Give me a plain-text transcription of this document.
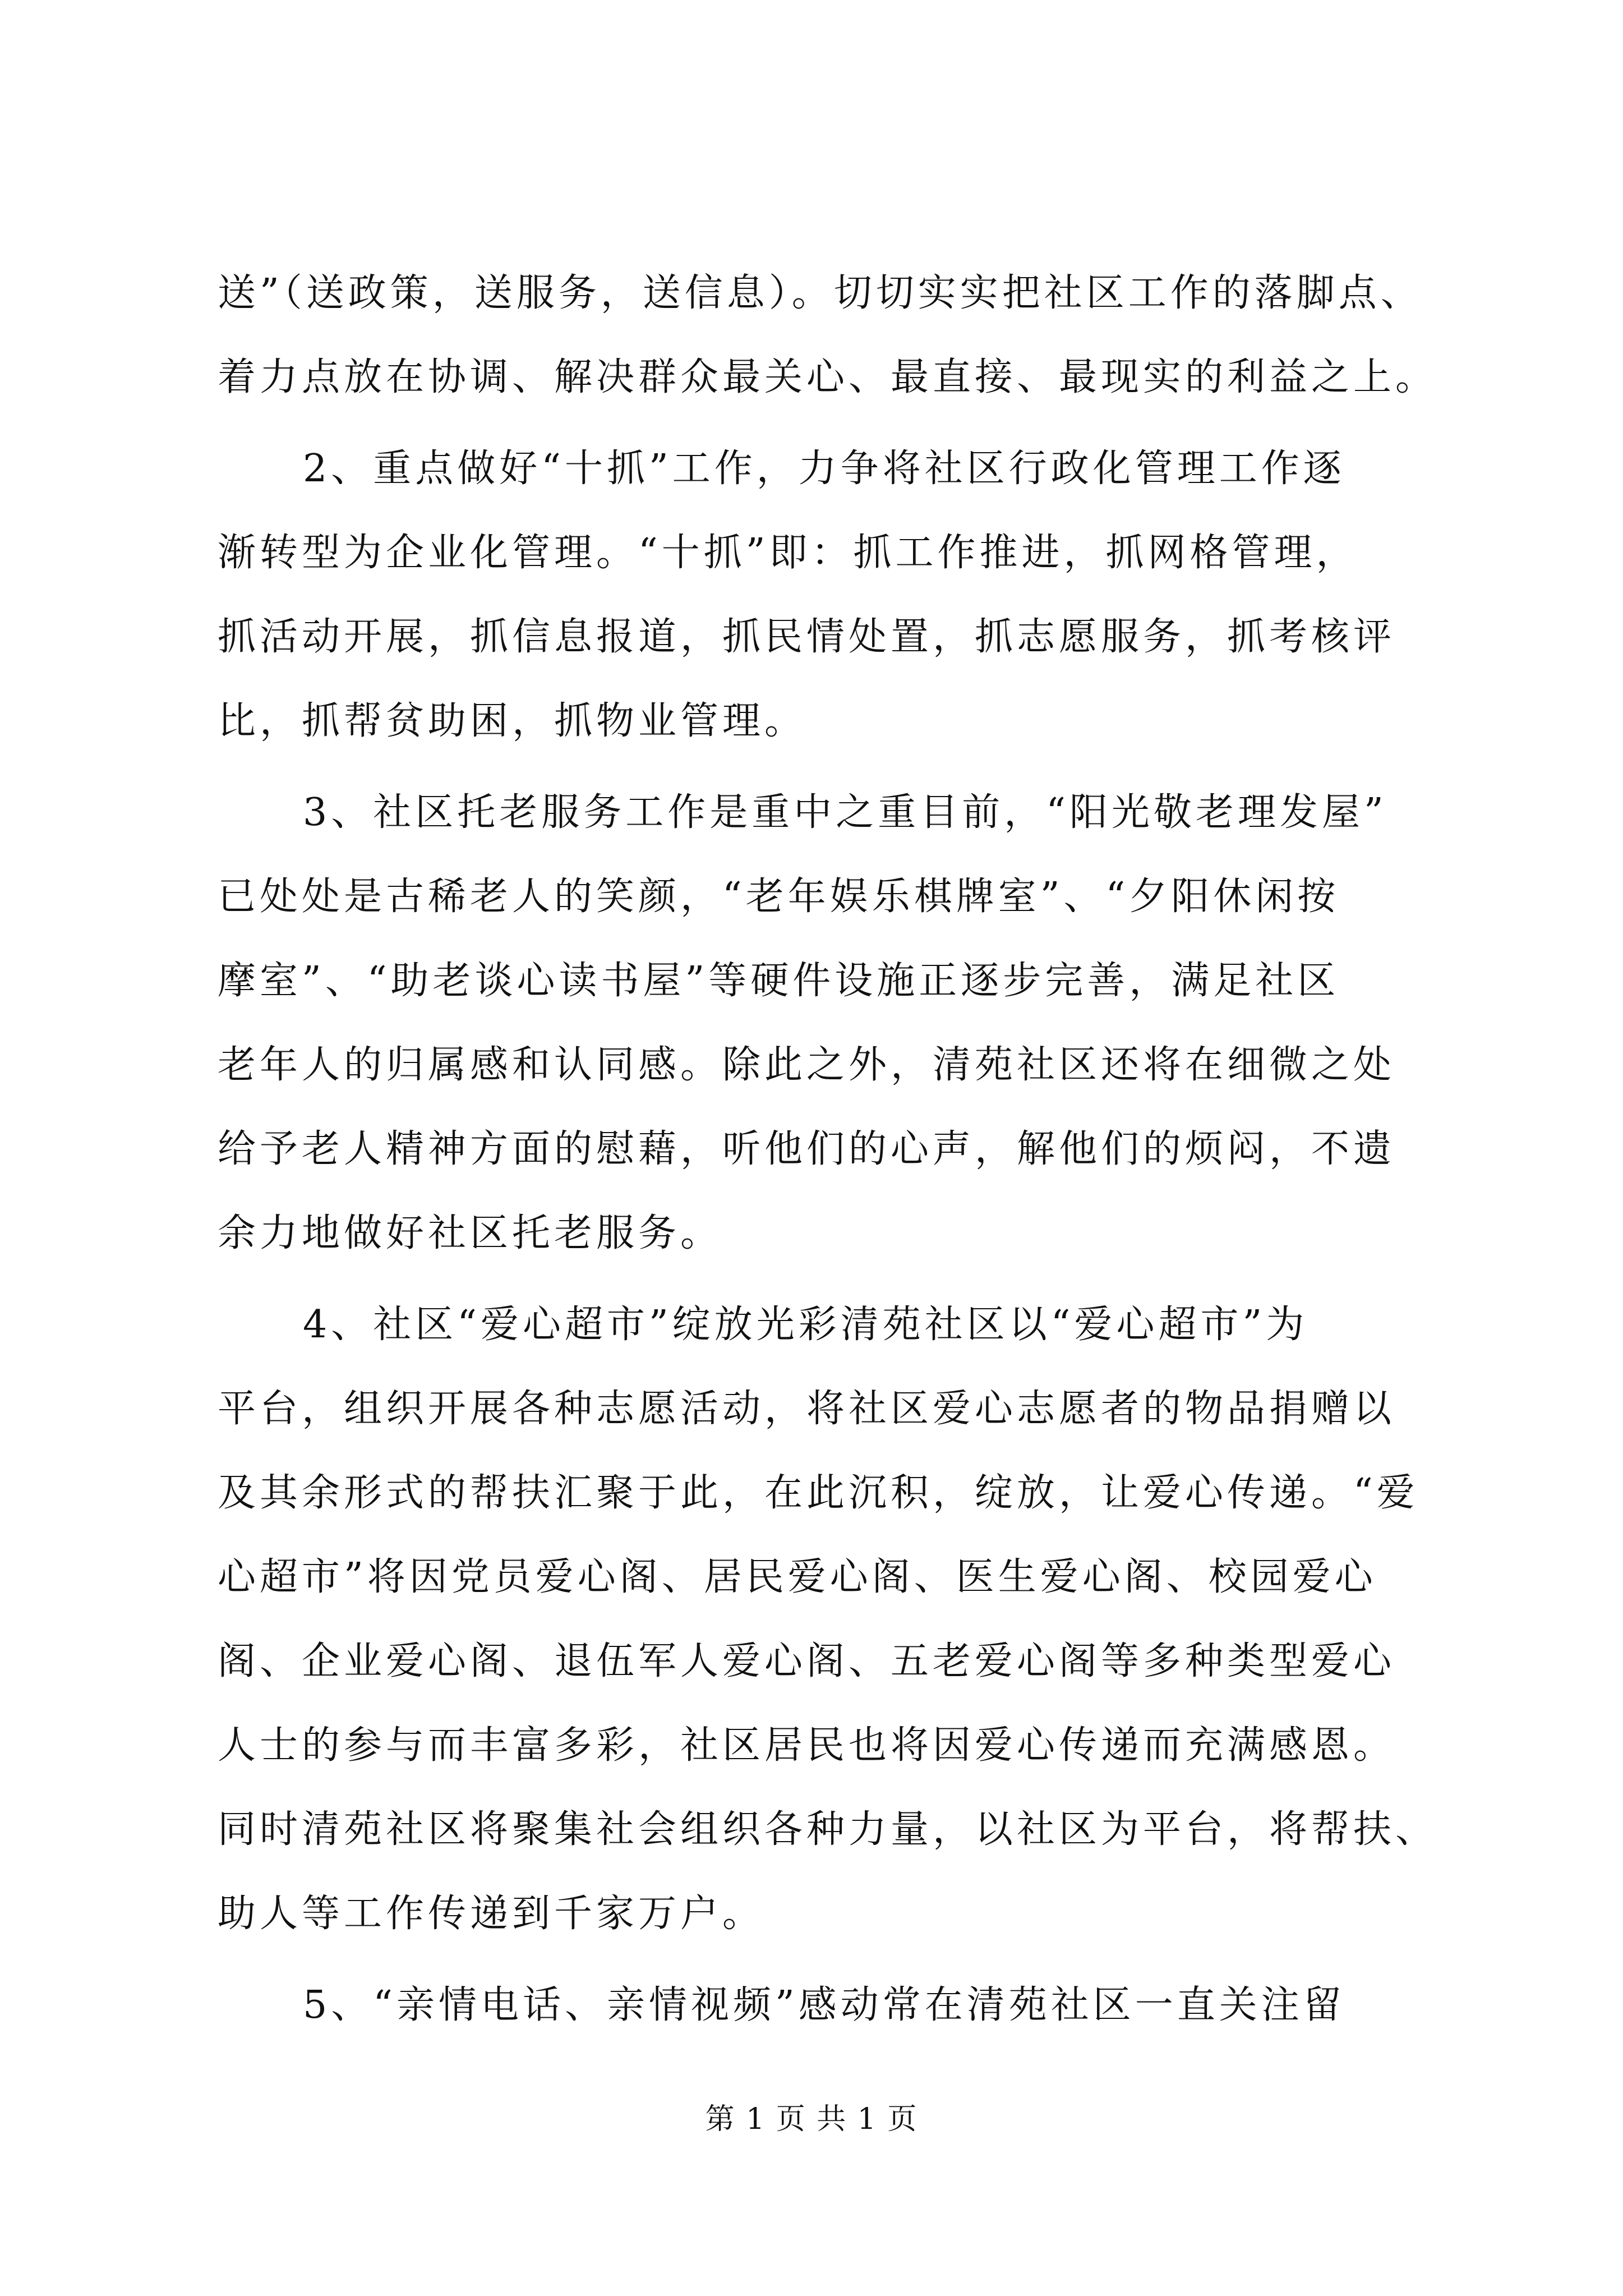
送”（送政策，送服务，送信息）。切切实实把社区工作的落脚点、
着力点放在协调、解决群众最关心、最直接、最现实的利益之上。
2、重点做好“十抓”工作，力争将社区行政化管理工作逐
渐转型为企业化管理。“十抓”即：抓工作推进，抓网格管理，
抓活动开展，抓信息报道，抓民情处置，抓志愿服务，抓考核评
比，抓帮贫助困，抓物业管理。
3、社区托老服务工作是重中之重目前，“阳光敬老理发屋”
已处处是古稀老人的笑颜，“老年娱乐棋牌室”、“夕阳休闲按
摩室”、“助老谈心读书屋”等硬件设施正逐步完善，满足社区
老年人的归属感和认同感。除此之外，清苑社区还将在细微之处
给予老人精神方面的慰藉，听他们的心声，解他们的烦闷，不遗
余力地做好社区托老服务。
4、社区“爱心超市”绽放光彩清苑社区以“爱心超市”为
平台，组织开展各种志愿活动，将社区爱心志愿者的物品捐赠以
及其余形式的帮扶汇聚于此，在此沉积，绽放，让爱心传递。“爱
心超市”将因党员爱心阁、居民爱心阁、医生爱心阁、校园爱心
阁、企业爱心阁、退伍军人爱心阁、五老爱心阁等多种类型爱心
人士的参与而丰富多彩，社区居民也将因爱心传递而充满感恩。
同时清苑社区将聚集社会组织各种力量，以社区为平台，将帮扶、
助人等工作传递到千家万户。
5、“亲情电话、亲情视频”感动常在清苑社区一直关注留
第 1 页 共 1 页
